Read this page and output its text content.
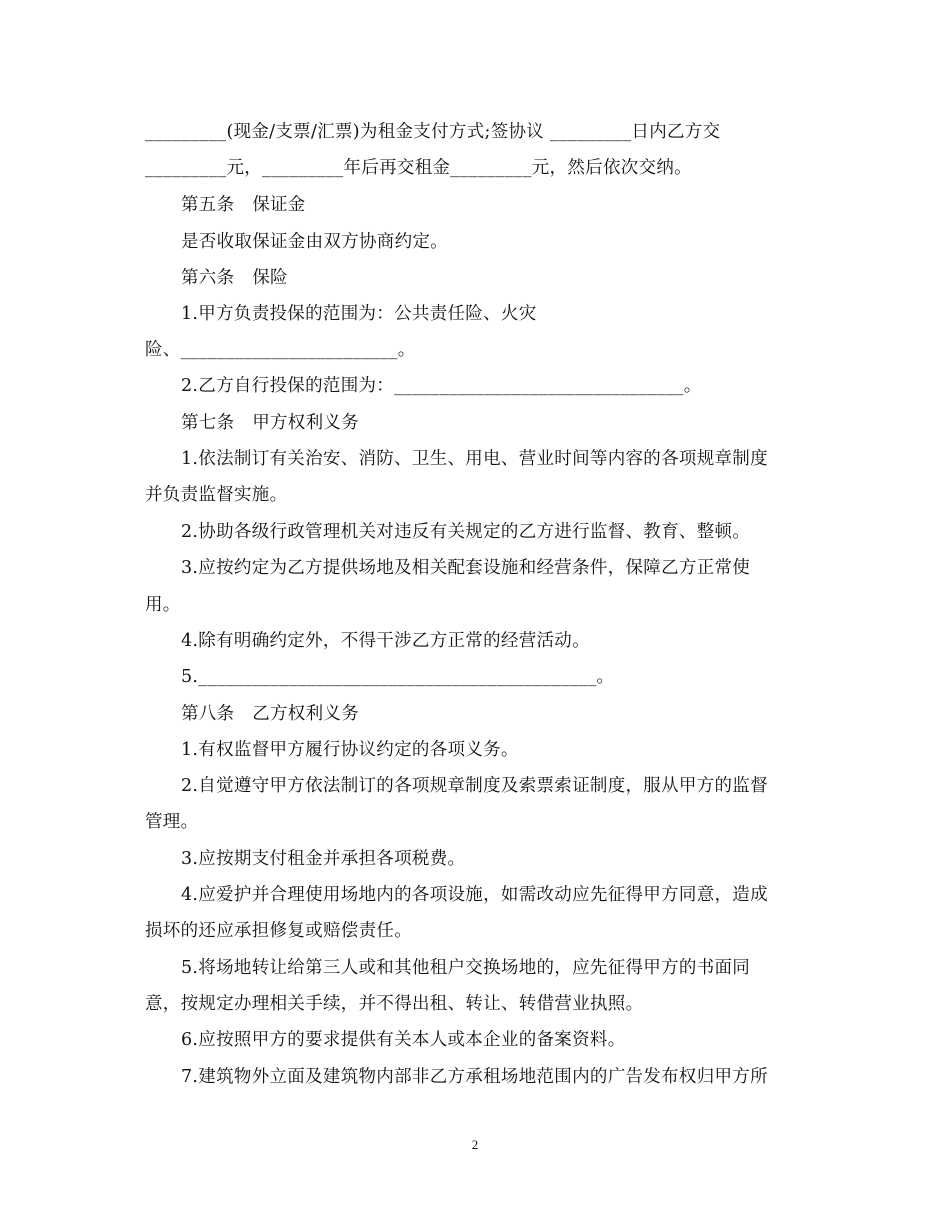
_________(现金/支票/汇票)为租金支付方式;签协议 _________日内乙方交
_________元，_________年后再交租金_________元，然后依次交纳。
第五条　保证金
是否收取保证金由双方协商约定。
第六条　保险
1.甲方负责投保的范围为：公共责任险、火灾
险、________________________。
2.乙方自行投保的范围为：________________________________。
第七条　甲方权利义务
1.依法制订有关治安、消防、卫生、用电、营业时间等内容的各项规章制度
并负责监督实施。
2.协助各级行政管理机关对违反有关规定的乙方进行监督、教育、整顿。
3.应按约定为乙方提供场地及相关配套设施和经营条件，保障乙方正常使
用。
4.除有明确约定外，不得干涉乙方正常的经营活动。
5.____________________________________________。
第八条　乙方权利义务
1.有权监督甲方履行协议约定的各项义务。
2.自觉遵守甲方依法制订的各项规章制度及索票索证制度，服从甲方的监督
管理。
3.应按期支付租金并承担各项税费。
4.应爱护并合理使用场地内的各项设施，如需改动应先征得甲方同意，造成
损坏的还应承担修复或赔偿责任。
5.将场地转让给第三人或和其他租户交换场地的，应先征得甲方的书面同
意，按规定办理相关手续，并不得出租、转让、转借营业执照。
6.应按照甲方的要求提供有关本人或本企业的备案资料。
7.建筑物外立面及建筑物内部非乙方承租场地范围内的广告发布权归甲方所
2
